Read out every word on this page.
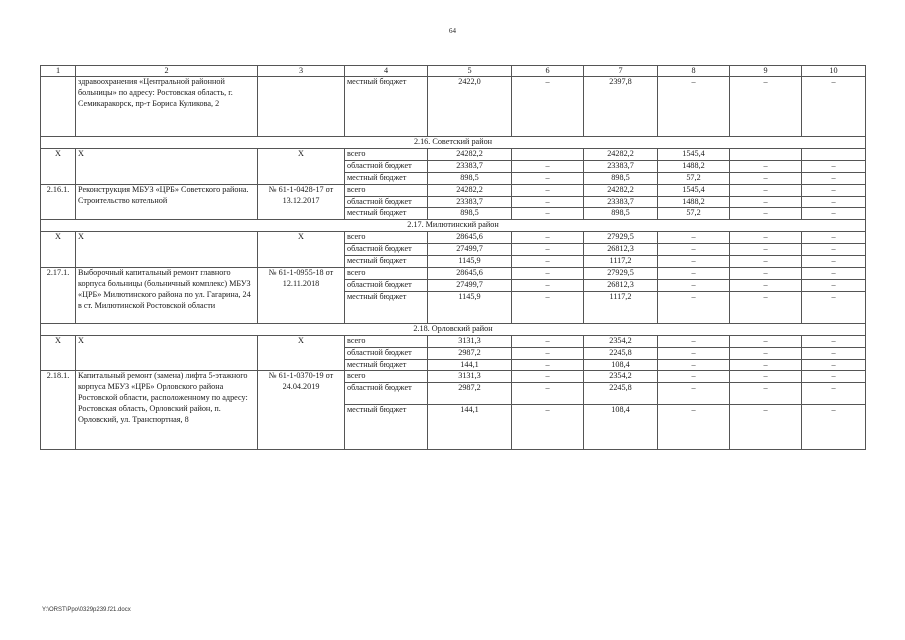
64
1	2	3	4	5	6	7	8	9	10
	здравоохранения «Центральной районной больницы» по адресу: Ростовская область, г. Семикаракорск, пр-т Бориса Куликова, 2		местный бюджет	2422,0	–	2397,8	–	–	–
2.16. Советский район									
Х	Х	Х	всего	24282,2		24282,2	1545,4		
			областной бюджет	23383,7	–	23383,7	1488,2	–	–
			местный бюджет	898,5	–	898,5	57,2	–	–
2.16.1.	Реконструкция МБУЗ «ЦРБ» Советского района. Строительство котельной	№ 61-1-0428-17 от 13.12.2017	всего	24282,2	–	24282,2	1545,4	–	–
			областной бюджет	23383,7	–	23383,7	1488,2	–	–
			местный бюджет	898,5	–	898,5	57,2	–	–
2.17. Милютинский район									
Х	Х	Х	всего	28645,6	–	27929,5	–	–	–
			областной бюджет	27499,7	–	26812,3	–	–	–
			местный бюджет	1145,9	–	1117,2	–	–	–
2.17.1.	Выборочный капитальный ремонт главного корпуса больницы (больничный комплекс) МБУЗ «ЦРБ» Милютинского района по ул. Гагарина, 24 в ст. Милютинской Ростовской области	№ 61-1-0955-18 от 12.11.2018	всего	28645,6	–	27929,5	–	–	–
			областной бюджет	27499,7	–	26812,3	–	–	–
			местный бюджет	1145,9	–	1117,2	–	–	–
2.18. Орловский район									
Х	Х	Х	всего	3131,3	–	2354,2	–	–	–
			областной бюджет	2987,2	–	2245,8	–	–	–
			местный бюджет	144,1	–	108,4	–	–	–
2.18.1.	Капитальный ремонт (замена) лифта 5-этажного корпуса МБУЗ «ЦРБ» Орловского района Ростовской области, расположенному по адресу: Ростовская область, Орловский район, п. Орловский, ул. Транспортная, 8	№ 61-1-0370-19 от 24.04.2019	всего	3131,3	–	2354,2	–	–	–
			областной бюджет	2987,2	–	2245,8	–	–	–
			местный бюджет	144,1	–	108,4	–	–	–
Y:\ORST\Ppo\0329p239.f21.docx
